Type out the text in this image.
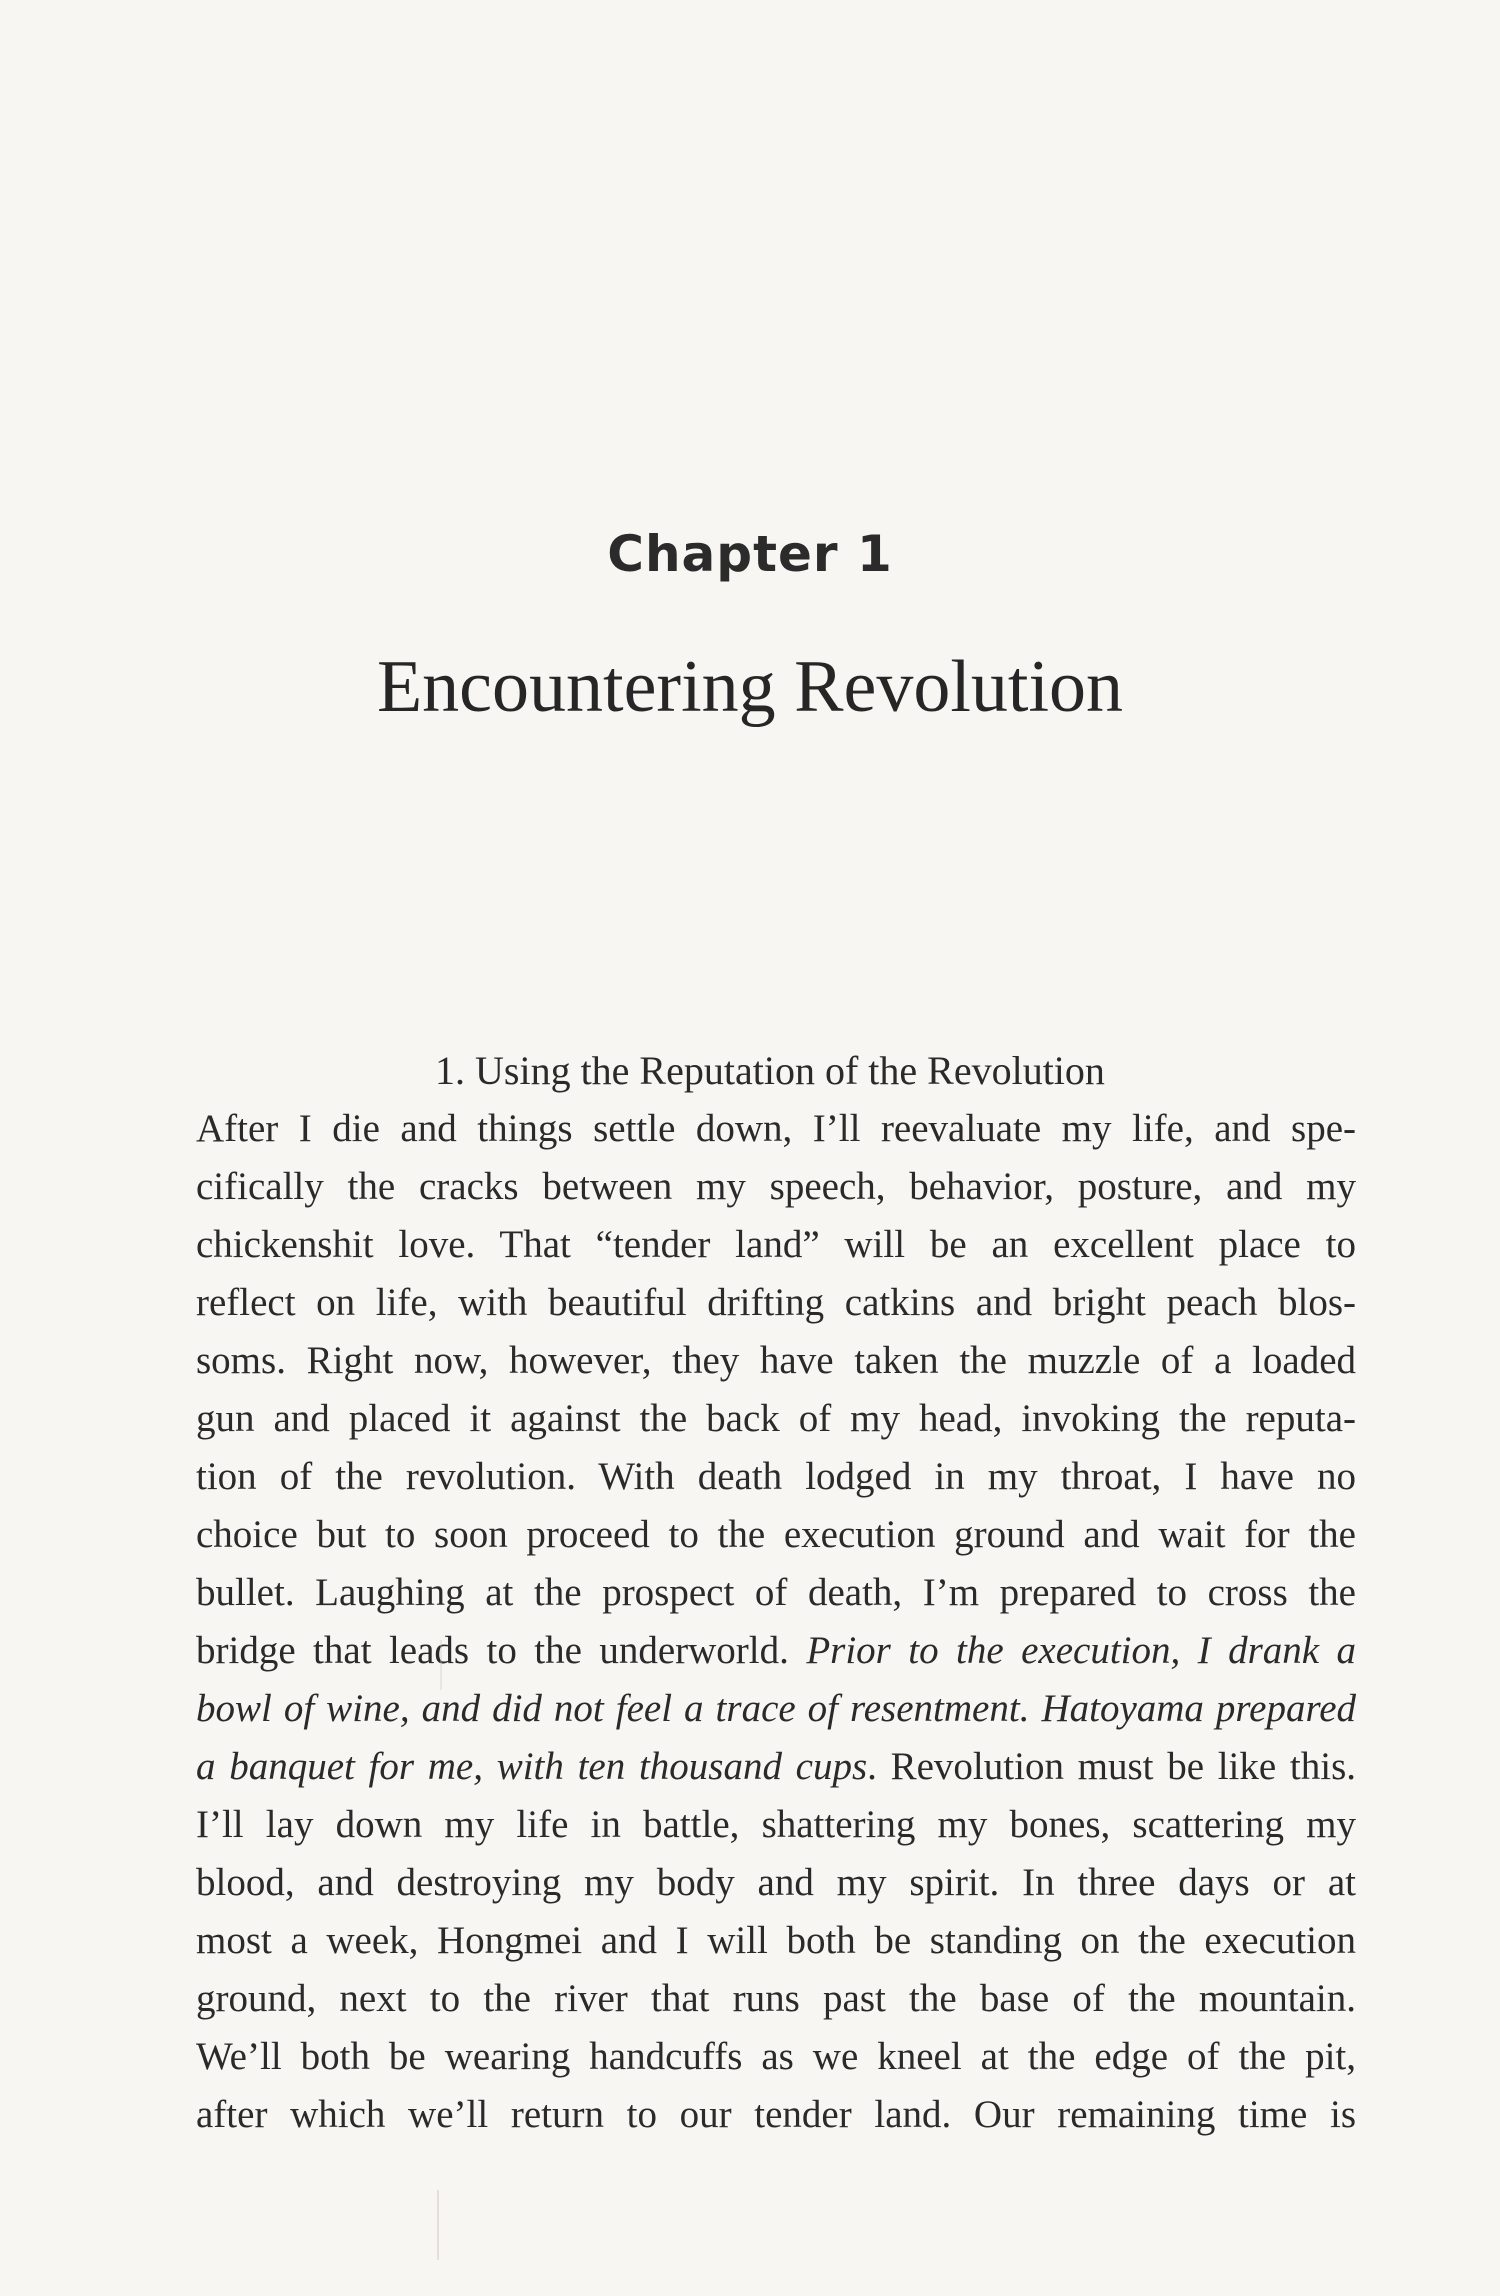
Chapter 1
Encountering Revolution
1. Using the Reputation of the Revolution
After I die and things settle down, I’ll reevaluate my life, and spe-
cifically the cracks between my speech, behavior, posture, and my
chickenshit love. That “tender land” will be an excellent place to
reflect on life, with beautiful drifting catkins and bright peach blos-
soms. Right now, however, they have taken the muzzle of a loaded
gun and placed it against the back of my head, invoking the reputa-
tion of the revolution. With death lodged in my throat, I have no
choice but to soon proceed to the execution ground and wait for the
bullet. Laughing at the prospect of death, I’m prepared to cross the
bridge that leads to the underworld. Prior to the execution, I drank a
bowl of wine, and did not feel a trace of resentment. Hatoyama prepared
a banquet for me, with ten thousand cups. Revolution must be like this.
I’ll lay down my life in battle, shattering my bones, scattering my
blood, and destroying my body and my spirit. In three days or at
most a week, Hongmei and I will both be standing on the execution
ground, next to the river that runs past the base of the mountain.
We’ll both be wearing handcuffs as we kneel at the edge of the pit,
after which we’ll return to our tender land. Our remaining time is
